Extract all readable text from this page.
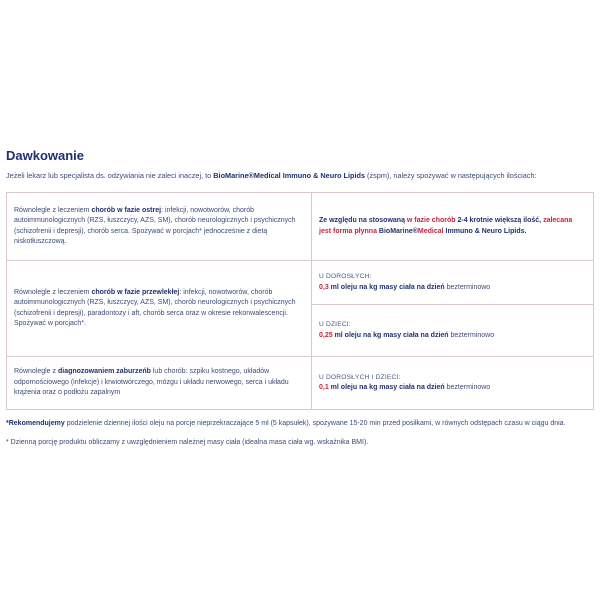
Dawkowanie
Jeżeli lekarz lub specjalista ds. odżywiania nie zaleci inaczej, to BioMarine®Medical Immuno & Neuro Lipids (żspm), należy spożywać w następujących ilościach:
Równolegle z leczeniem chorób w fazie ostrej: infekcji, nowotworów, chorób autoimmunologicznych (RZS, łuszczycy, AZS, SM), chorób neurologicznych i psychicznych (schizofrenii i depresji), chorób serca. Spożywać w porcjach* jednocześnie z dietą niskotłuszczową.	Ze względu na stosowaną w fazie chorób 2-4 krotnie większą ilość, zalecana jest forma płynna BioMarine®Medical Immuno & Neuro Lipids.
Równolegle z leczeniem chorób w fazie przewlekłej: infekcji, nowotworów, chorób autoimmunologicznych (RZS, łuszczycy, AZS, SM), chorób neurologicznych i psychicznych (schizofrenii i depresji), paradontozy i aft, chorób serca oraz w okresie rekonwalescencji. Spożywać w porcjach*.	U DOROSŁYCH:
0,3 ml oleju na kg masy ciała na dzień bezterminowo

	U DZIECI:
0,25 ml oleju na kg masy ciała na dzień bezterminowo

Równolegle z diagnozowaniem zaburzeńb lub chorób: szpiku kostnego, układów odpornościowego (infekcje) i krwiotwórczego, mózgu i układu nerwowego, serca i układu krążenia oraz o podłożu zapalnym	U DOROSŁYCH I DZIECI:
0,1 ml oleju na kg masy ciała na dzień bezterminowo
*Rekomendujemy podzielenie dziennej ilości oleju na porcje nieprzekraczające 5 ml (5 kapsułek), spożywane 15-20 min przed posiłkami, w równych odstępach czasu w ciągu dnia.
* Dzienną porcję produktu obliczamy z uwzględnieniem należnej masy ciała (idealna masa ciała wg. wskaźnika BMI).
